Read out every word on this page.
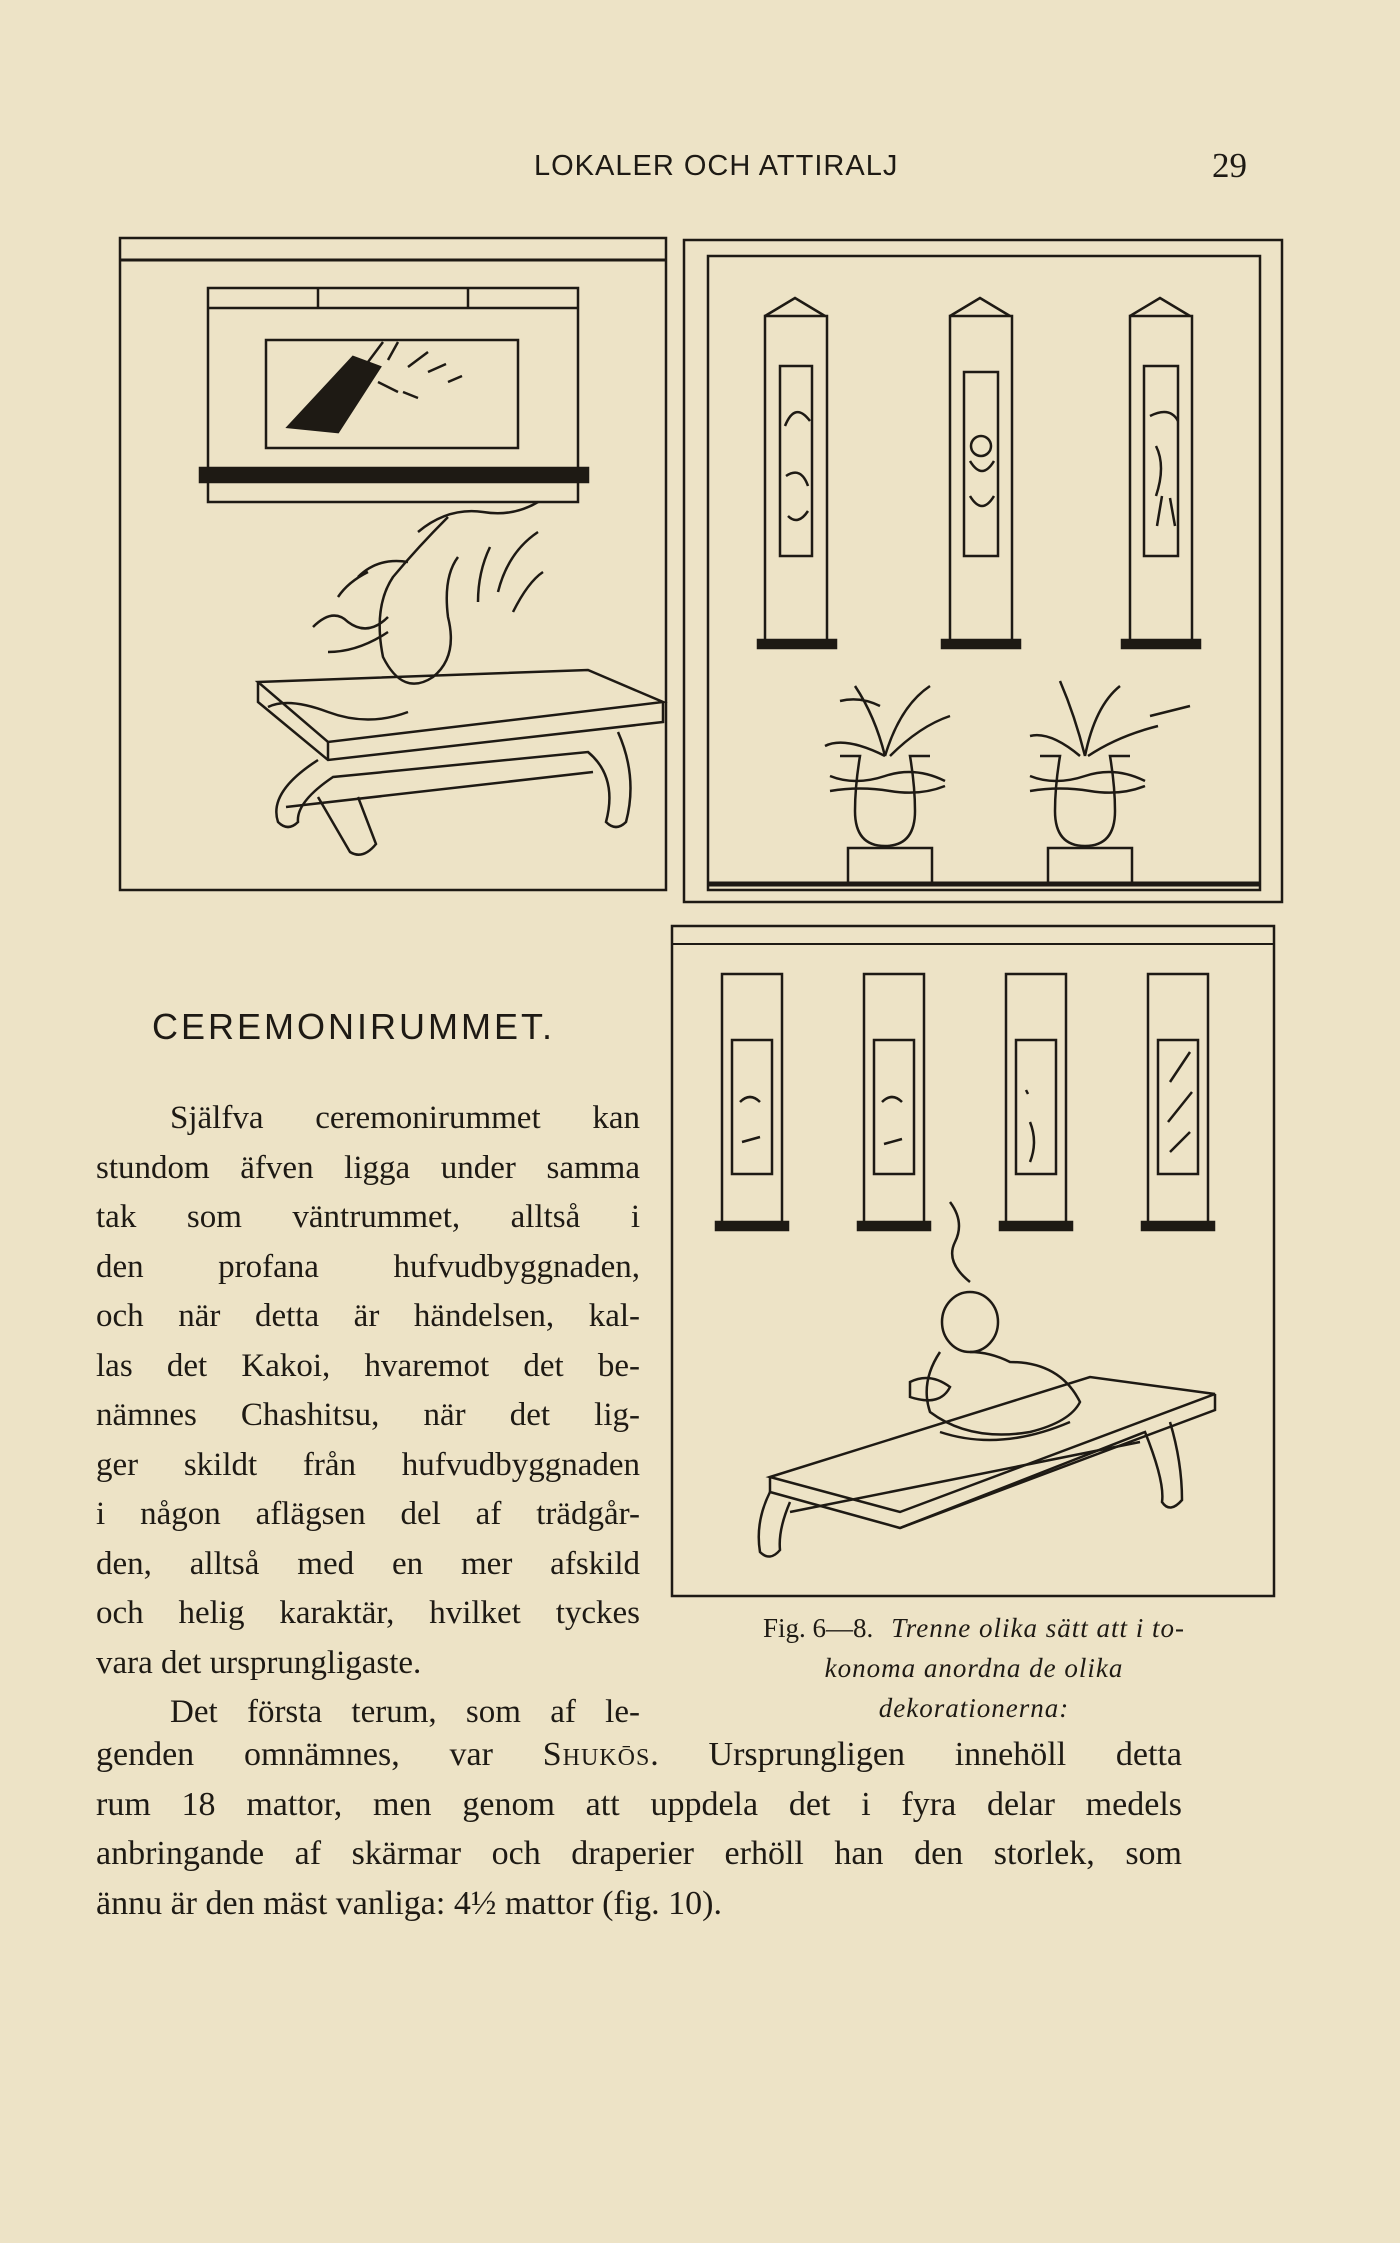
LOKALER OCH ATTIRALJ	29
CEREMONIRUMMET.
Själfva ceremonirummet kan
stundom äfven ligga under samma
tak som väntrummet, alltså i
den profana hufvudbyggnaden,
och när detta är händelsen, kal-
las det Kakoi, hvaremot det be-
nämnes Chashitsu, när det lig-
ger skildt från hufvudbyggnaden
i någon aflägsen del af trädgår-
den, alltså med en mer afskild
och helig karaktär, hvilket tyckes
vara det ursprungligaste.
Det första terum, som af le-
Fig. 6—8. Trenne olika sätt att i to-
konoma anordna de olika
dekorationerna:
genden omnämnes, var Shukōs. Ursprungligen innehöll detta
rum 18 mattor, men genom att uppdela det i fyra delar medels
anbringande af skärmar och draperier erhöll han den storlek, som
ännu är den mäst vanliga: 4½ mattor (fig. 10).
